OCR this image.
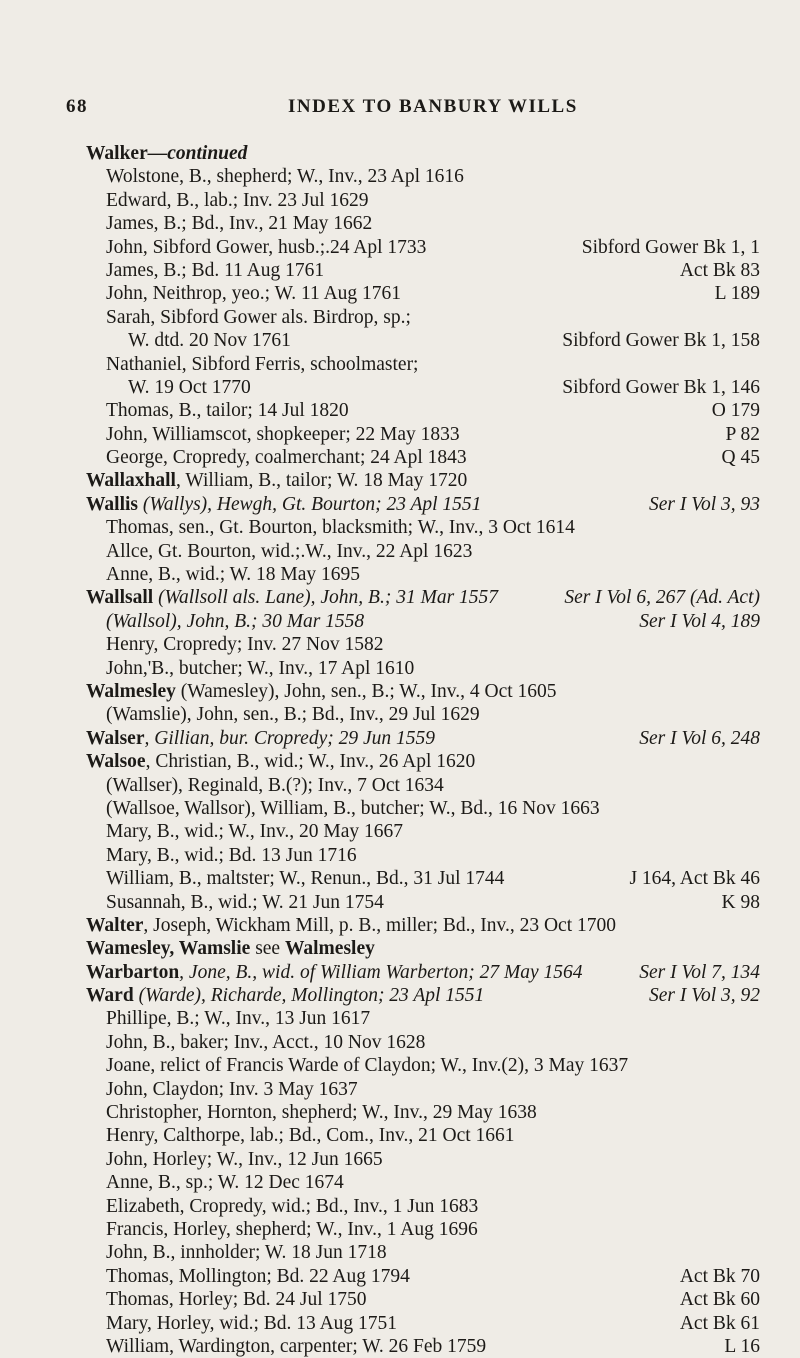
68	INDEX TO BANBURY WILLS
Walker—continued
Wolstone, B., shepherd; W., Inv., 23 Apl 1616
Edward, B., lab.; Inv. 23 Jul 1629
James, B.; Bd., Inv., 21 May 1662
John, Sibford Gower, husb.;.24 Apl 1733	Sibford Gower Bk 1, 1
James, B.; Bd. 11 Aug 1761	Act Bk 83
John, Neithrop, yeo.; W. 11 Aug 1761	L 189
Sarah, Sibford Gower als. Birdrop, sp.;
W. dtd. 20 Nov 1761	Sibford Gower Bk 1, 158
Nathaniel, Sibford Ferris, schoolmaster;
W. 19 Oct 1770	Sibford Gower Bk 1, 146
Thomas, B., tailor; 14 Jul 1820	O 179
John, Williamscot, shopkeeper; 22 May 1833	P 82
George, Cropredy, coalmerchant; 24 Apl 1843	Q 45
Wallaxhall, William, B., tailor; W. 18 May 1720
Wallis (Wallys), Hewgh, Gt. Bourton; 23 Apl 1551	Ser I Vol 3, 93
Thomas, sen., Gt. Bourton, blacksmith; W., Inv., 3 Oct 1614
Allce, Gt. Bourton, wid.;.W., Inv., 22 Apl 1623
Anne, B., wid.; W. 18 May 1695
Wallsall (Wallsoll als. Lane), John, B.; 31 Mar 1557	Ser I Vol 6, 267 (Ad. Act)
(Wallsol), John, B.; 30 Mar 1558	Ser I Vol 4, 189
Henry, Cropredy; Inv. 27 Nov 1582
John,'B., butcher; W., Inv., 17 Apl 1610
Walmesley (Wamesley), John, sen., B.; W., Inv., 4 Oct 1605
(Wamslie), John, sen., B.; Bd., Inv., 29 Jul 1629
Walser, Gillian, bur. Cropredy; 29 Jun 1559	Ser I Vol 6, 248
Walsoe, Christian, B., wid.; W., Inv., 26 Apl 1620
(Wallser), Reginald, B.(?); Inv., 7 Oct 1634
(Wallsoe, Wallsor), William, B., butcher; W., Bd., 16 Nov 1663
Mary, B., wid.; W., Inv., 20 May 1667
Mary, B., wid.; Bd. 13 Jun 1716
William, B., maltster; W., Renun., Bd., 31 Jul 1744	J 164, Act Bk 46
Susannah, B., wid.; W. 21 Jun 1754	K 98
Walter, Joseph, Wickham Mill, p. B., miller; Bd., Inv., 23 Oct 1700
Wamesley, Wamslie see Walmesley
Warbarton, Jone, B., wid. of William Warberton; 27 May 1564	Ser I Vol 7, 134
Ward (Warde), Richarde, Mollington; 23 Apl 1551	Ser I Vol 3, 92
Phillipe, B.; W., Inv., 13 Jun 1617
John, B., baker; Inv., Acct., 10 Nov 1628
Joane, relict of Francis Warde of Claydon; W., Inv.(2), 3 May 1637
John, Claydon; Inv. 3 May 1637
Christopher, Hornton, shepherd; W., Inv., 29 May 1638
Henry, Calthorpe, lab.; Bd., Com., Inv., 21 Oct 1661
John, Horley; W., Inv., 12 Jun 1665
Anne, B., sp.; W. 12 Dec 1674
Elizabeth, Cropredy, wid.; Bd., Inv., 1 Jun 1683
Francis, Horley, shepherd; W., Inv., 1 Aug 1696
John, B., innholder; W. 18 Jun 1718
Thomas, Mollington; Bd. 22 Aug 1794	Act Bk 70
Thomas, Horley; Bd. 24 Jul 1750	Act Bk 60
Mary, Horley, wid.; Bd. 13 Aug 1751	Act Bk 61
William, Wardington, carpenter; W. 26 Feb 1759	L 16
